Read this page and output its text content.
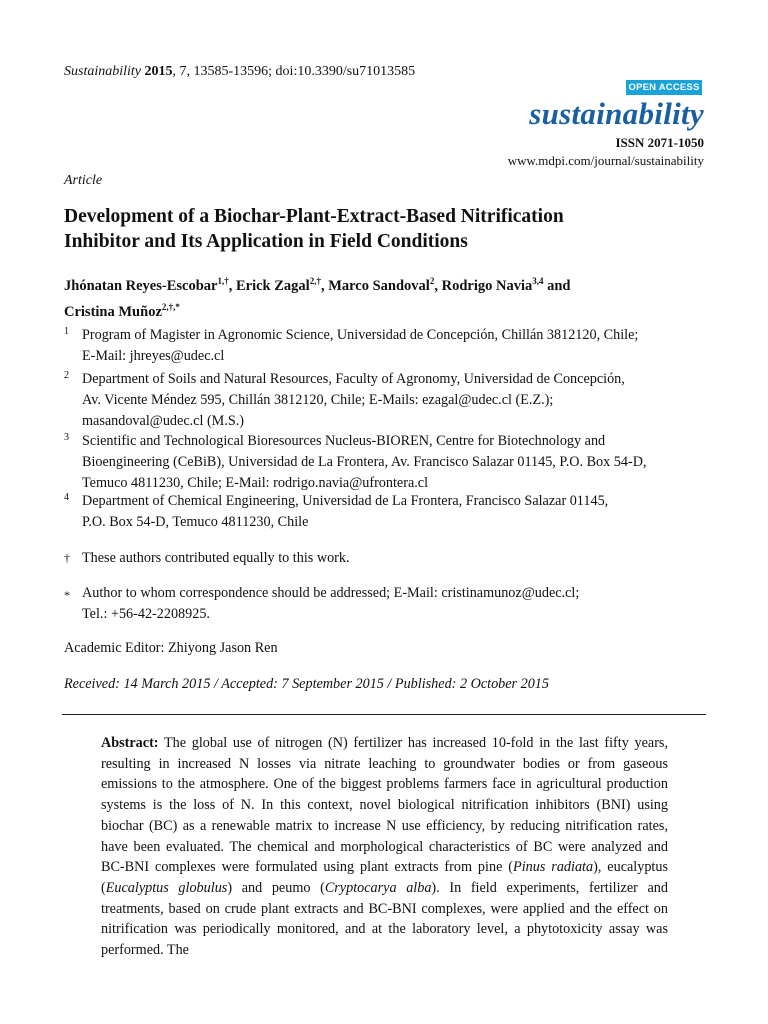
Sustainability 2015, 7, 13585-13596; doi:10.3390/su71013585
OPEN ACCESS
sustainability
ISSN 2071-1050
www.mdpi.com/journal/sustainability
Article
Development of a Biochar-Plant-Extract-Based Nitrification
Inhibitor and Its Application in Field Conditions
Jhónatan Reyes-Escobar$^{1,\dagger}$, Erick Zagal$^{2,\dagger}$, Marco Sandoval$^2$, Rodrigo Navia$^{3,4}$ and
Cristina Muñoz$^{2,\dagger,*}$
1 Program of Magister in Agronomic Science, Universidad de Concepción, Chillán 3812120, Chile;
E-Mail: jhreyes@udec.cl
2 Department of Soils and Natural Resources, Faculty of Agronomy, Universidad de Concepción,
Av. Vicente Méndez 595, Chillán 3812120, Chile; E-Mails: ezagal@udec.cl (E.Z.);
masandoval@udec.cl (M.S.)
3 Scientific and Technological Bioresources Nucleus-BIOREN, Centre for Biotechnology and
Bioengineering (CeBiB), Universidad de La Frontera, Av. Francisco Salazar 01145, P.O. Box 54-D,
Temuco 4811230, Chile; E-Mail: rodrigo.navia@ufrontera.cl
4 Department of Chemical Engineering, Universidad de La Frontera, Francisco Salazar 01145,
P.O. Box 54-D, Temuco 4811230, Chile
† These authors contributed equally to this work.
* Author to whom correspondence should be addressed; E-Mail: cristinamunoz@udec.cl;
Tel.: +56-42-2208925.
Academic Editor: Zhiyong Jason Ren
Received: 14 March 2015 / Accepted: 7 September 2015 / Published: 2 October 2015
Abstract: The global use of nitrogen (N) fertilizer has increased 10-fold in the last fifty years, resulting in increased N losses via nitrate leaching to groundwater bodies or from gaseous emissions to the atmosphere. One of the biggest problems farmers face in agricultural production systems is the loss of N. In this context, novel biological nitrification inhibitors (BNI) using biochar (BC) as a renewable matrix to increase N use efficiency, by reducing nitrification rates, have been evaluated. The chemical and morphological characteristics of BC were analyzed and BC-BNI complexes were formulated using plant extracts from pine (Pinus radiata), eucalyptus (Eucalyptus globulus) and peumo (Cryptocarya alba). In field experiments, fertilizer and treatments, based on crude plant extracts and BC-BNI complexes, were applied and the effect on nitrification was periodically monitored, and at the laboratory level, a phytotoxicity assay was performed. The
